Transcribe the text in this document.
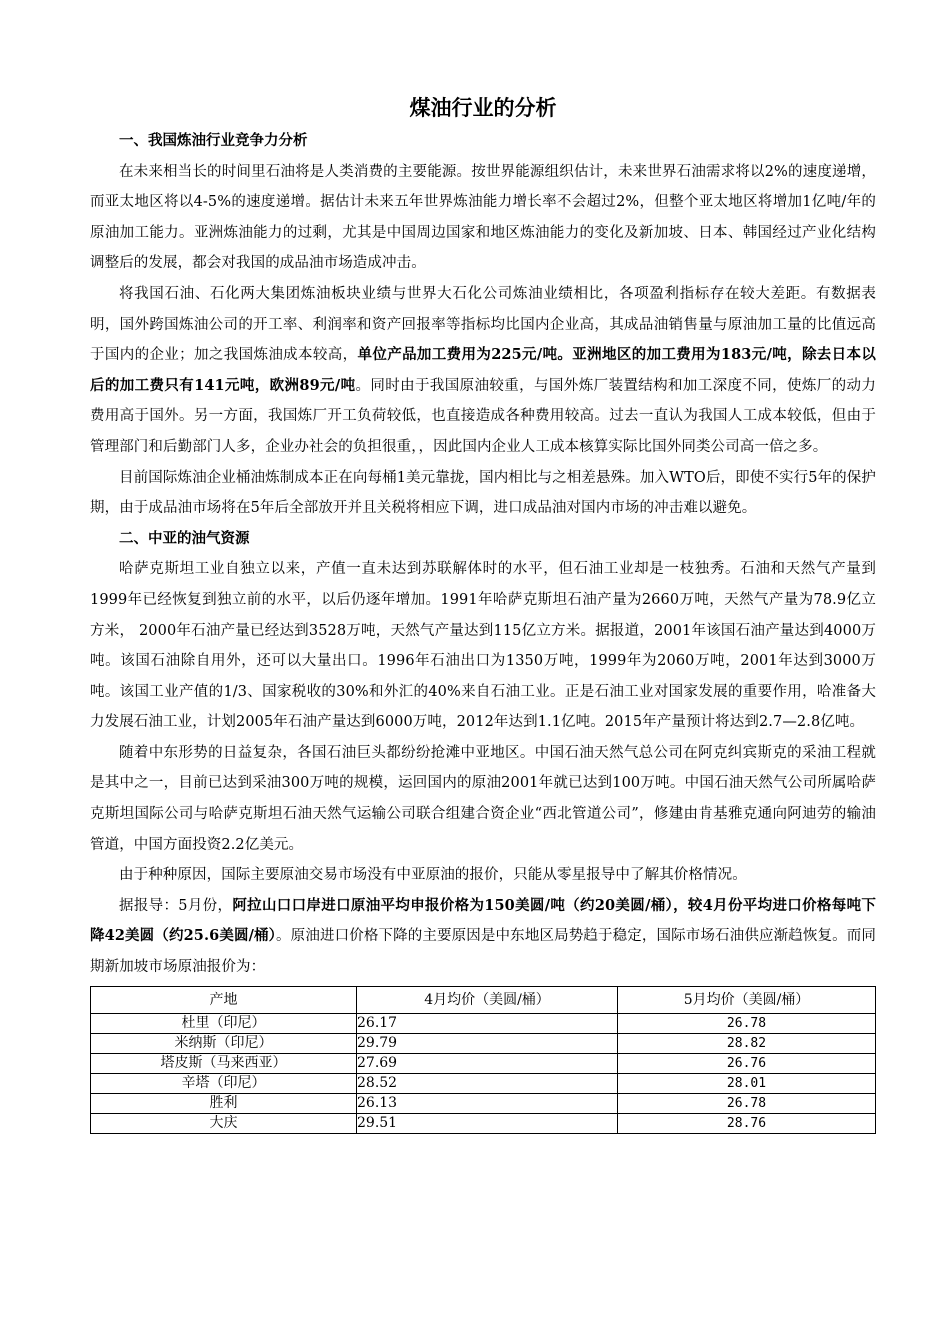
煤油行业的分析
一、我国炼油行业竞争力分析

在未来相当长的时间里石油将是人类消费的主要能源。按世界能源组织估计，未来世界石油需求将以2%的速度递增，而亚太地区将以4-5%的速度递增。据估计未来五年世界炼油能力增长率不会超过2%，但整个亚太地区将增加1亿吨/年的原油加工能力。亚洲炼油能力的过剩，尤其是中国周边国家和地区炼油能力的变化及新加坡、日本、韩国经过产业化结构调整后的发展，都会对我国的成品油市场造成冲击。

将我国石油、石化两大集团炼油板块业绩与世界大石化公司炼油业绩相比，各项盈利指标存在较大差距。有数据表明，国外跨国炼油公司的开工率、利润率和资产回报率等指标均比国内企业高，其成品油销售量与原油加工量的比值远高于国内的企业；加之我国炼油成本较高，单位产品加工费用为225元/吨。亚洲地区的加工费用为183元/吨，除去日本以后的加工费只有141元吨，欧洲89元/吨。同时由于我国原油较重，与国外炼厂装置结构和加工深度不同，使炼厂的动力费用高于国外。另一方面，我国炼厂开工负荷较低，也直接造成各种费用较高。过去一直认为我国人工成本较低，但由于管理部门和后勤部门人多，企业办社会的负担很重，，因此国内企业人工成本核算实际比国外同类公司高一倍之多。

目前国际炼油企业桶油炼制成本正在向每桶1美元靠拢，国内相比与之相差悬殊。加入WTO后，即使不实行5年的保护期，由于成品油市场将在5年后全部放开并且关税将相应下调，进口成品油对国内市场的冲击难以避免。

二、中亚的油气资源

哈萨克斯坦工业自独立以来，产值一直未达到苏联解体时的水平，但石油工业却是一枝独秀。石油和天然气产量到1999年已经恢复到独立前的水平，以后仍逐年增加。1991年哈萨克斯坦石油产量为2660万吨，天然气产量为78.9亿立方米， 2000年石油产量已经达到3528万吨，天然气产量达到115亿立方米。据报道，2001年该国石油产量达到4000万吨。该国石油除自用外，还可以大量出口。1996年石油出口为1350万吨，1999年为2060万吨，2001年达到3000万吨。该国工业产值的1/3、国家税收的30%和外汇的40%来自石油工业。正是石油工业对国家发展的重要作用，哈准备大力发展石油工业，计划2005年石油产量达到6000万吨，2012年达到1.1亿吨。2015年产量预计将达到2.7—2.8亿吨。

随着中东形势的日益复杂，各国石油巨头都纷纷抢滩中亚地区。中国石油天然气总公司在阿克纠宾斯克的采油工程就是其中之一，目前已达到采油300万吨的规模，运回国内的原油2001年就已达到100万吨。中国石油天然气公司所属哈萨克斯坦国际公司与哈萨克斯坦石油天然气运输公司联合组建合资企业“西北管道公司”，修建由肯基雅克通向阿迪劳的输油管道，中国方面投资2.2亿美元。

由于种种原因，国际主要原油交易市场没有中亚原油的报价，只能从零星报导中了解其价格情况。

据报导：5月份，阿拉山口口岸进口原油平均申报价格为150美圆/吨（约20美圆/桶），较4月份平均进口价格每吨下降42美圆（约25.6美圆/桶）。原油进口价格下降的主要原因是中东地区局势趋于稳定，国际市场石油供应渐趋恢复。而同期新加坡市场原油报价为：

产地	4月均价（美圆/桶）	5月均价（美圆/桶）
杜里（印尼）	26.17	26.78
米纳斯（印尼）	29.79	28.82
塔皮斯（马来西亚）	27.69	26.76
辛塔（印尼）	28.52	28.01
胜利	26.13	26.78
大庆	29.51	28.76
